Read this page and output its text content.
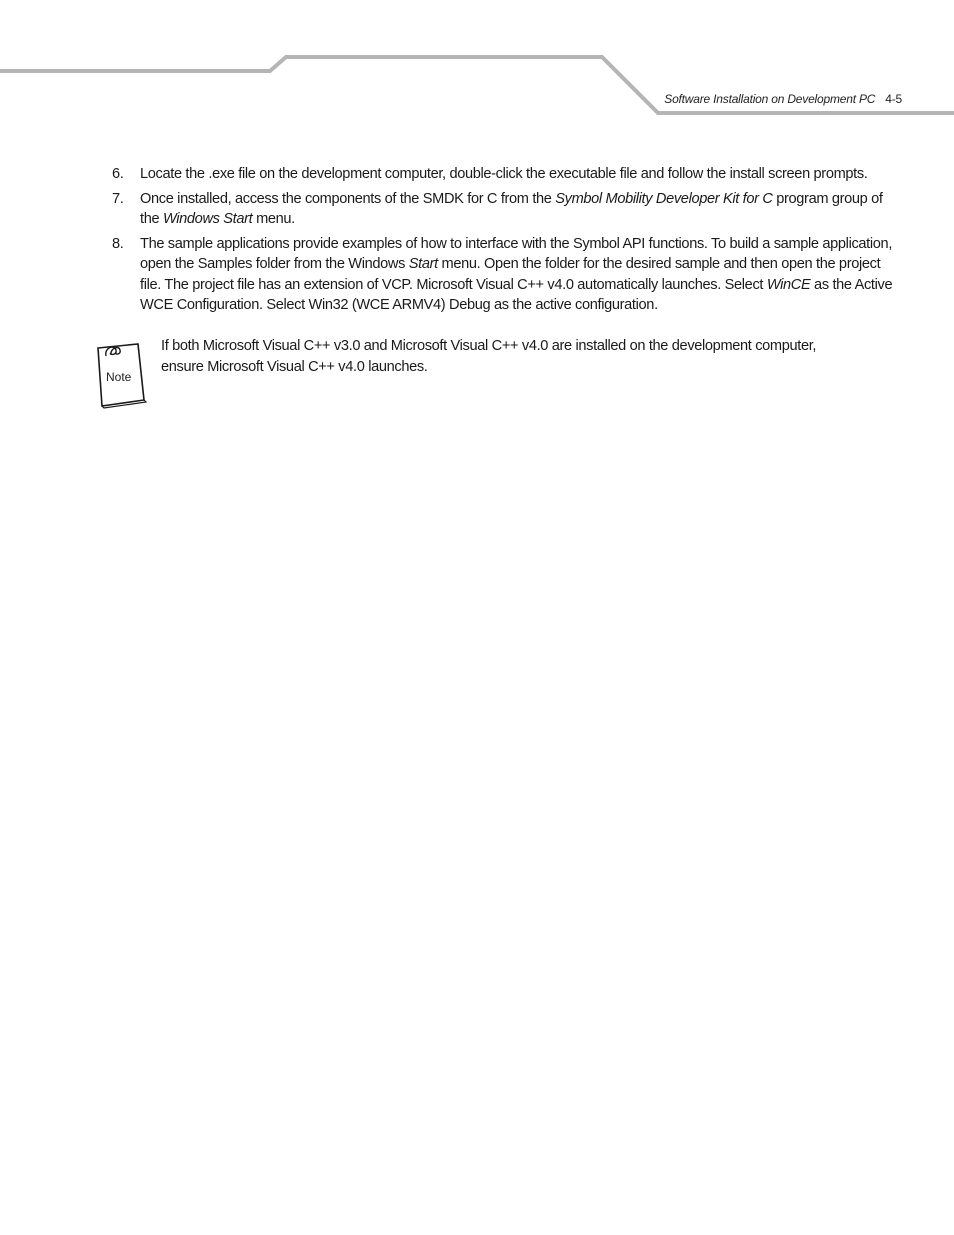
Software Installation on Development PC 4-5
6. Locate the .exe file on the development computer, double-click the executable file and follow the install screen prompts.
7. Once installed, access the components of the SMDK for C from the Symbol Mobility Developer Kit for C program group of the Windows Start menu.
8. The sample applications provide examples of how to interface with the Symbol API functions. To build a sample application, open the Samples folder from the Windows Start menu. Open the folder for the desired sample and then open the project file. The project file has an extension of VCP. Microsoft Visual C++ v4.0 automatically launches. Select WinCE as the Active WCE Configuration. Select Win32 (WCE ARMV4) Debug as the active configuration.
Note
If both Microsoft Visual C++ v3.0 and Microsoft Visual C++ v4.0 are installed on the development computer, ensure Microsoft Visual C++ v4.0 launches.
